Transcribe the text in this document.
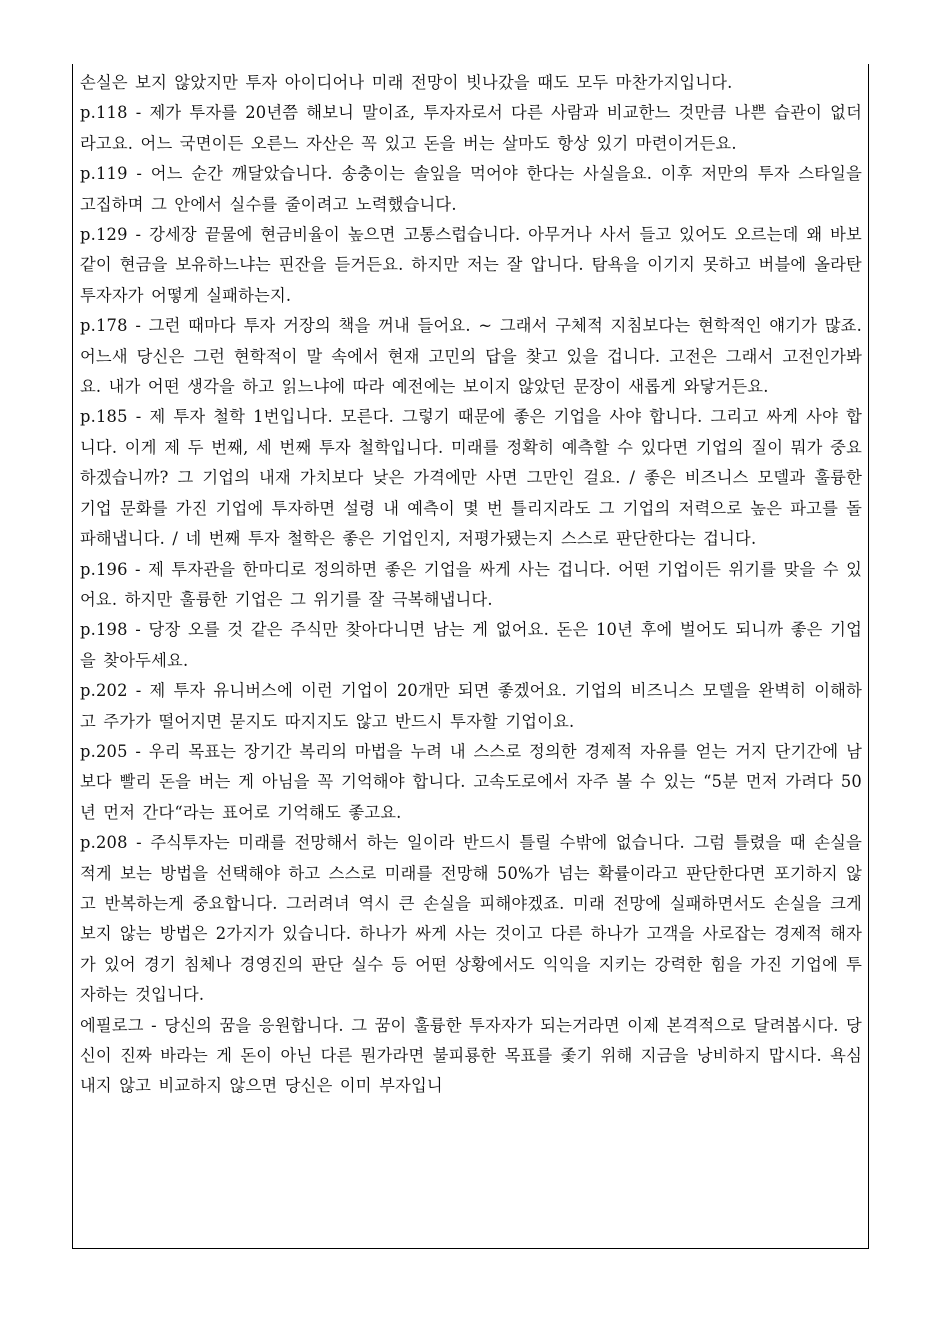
손실은 보지 않았지만 투자 아이디어나 미래 전망이 빗나갔을 때도 모두 마찬가지입니다.

p.118 - 제가 투자를 20년쯤 해보니 말이죠, 투자자로서 다른 사람과 비교한느 것만큼 나쁜 습관이 없더라고요. 어느 국면이든 오른느 자산은 꼭 있고 돈을 버는 살마도 항상 있기 마련이거든요.

p.119 - 어느 순간 깨달았습니다. 송충이는 솔잎을 먹어야 한다는 사실을요. 이후 저만의 투자 스타일을 고집하며 그 안에서 실수를 줄이려고 노력했습니다.

p.129 - 강세장 끝물에 현금비율이 높으면 고통스럽습니다. 아무거나 사서 들고 있어도 오르는데 왜 바보같이 현금을 보유하느냐는 핀잔을 듣거든요. 하지만 저는 잘 압니다. 탐욕을 이기지 못하고 버블에 올라탄 투자자가 어떻게 실패하는지.

p.178 - 그런 때마다 투자 거장의 책을 꺼내 들어요. ~ 그래서 구체적 지침보다는 현학적인 얘기가 많죠. 어느새 당신은 그런 현학적이 말 속에서 현재 고민의 답을 찾고 있을 겁니다. 고전은 그래서 고전인가봐요. 내가 어떤 생각을 하고 읽느냐에 따라 예전에는 보이지 않았던 문장이 새롭게 와닿거든요.

p.185 - 제 투자 철학 1번입니다. 모른다. 그렇기 때문에 좋은 기업을 사야 합니다. 그리고 싸게 사야 합니다. 이게 제 두 번째, 세 번째 투자 철학입니다. 미래를 정확히 예측할 수 있다면 기업의 질이 뭐가 중요하겠습니까? 그 기업의 내재 가치보다 낮은 가격에만 사면 그만인 걸요. / 좋은 비즈니스 모델과 훌륭한 기업 문화를 가진 기업에 투자하면 설령 내 예측이 몇 번 틀리지라도 그 기업의 저력으로 높은 파고를 돌파해냅니다. / 네 번째 투자 철학은 좋은 기업인지, 저평가됐는지 스스로 판단한다는 겁니다.

p.196 - 제 투자관을 한마디로 정의하면 좋은 기업을 싸게 사는 겁니다. 어떤 기업이든 위기를 맞을 수 있어요. 하지만 훌륭한 기업은 그 위기를 잘 극복해냅니다.

p.198 - 당장 오를 것 같은 주식만 찾아다니면 남는 게 없어요. 돈은 10년 후에 벌어도 되니까 좋은 기업을 찾아두세요.

p.202 - 제 투자 유니버스에 이런 기업이 20개만 되면 좋겠어요. 기업의 비즈니스 모델을 완벽히 이해하고 주가가 떨어지면 묻지도 따지지도 않고 반드시 투자할 기업이요.

p.205 - 우리 목표는 장기간 복리의 마법을 누려 내 스스로 정의한 경제적 자유를 얻는 거지 단기간에 남보다 빨리 돈을 버는 게 아님을 꼭 기억해야 합니다. 고속도로에서 자주 볼 수 있는 “5분 먼저 가려다 50년 먼저 간다“라는 표어로 기억해도 좋고요.

p.208 - 주식투자는 미래를 전망해서 하는 일이라 반드시 틀릴 수밖에 없습니다. 그럼 틀렸을 때 손실을 적게 보는 방법을 선택해야 하고 스스로 미래를 전망해 50%가 넘는 확률이라고 판단한다면 포기하지 않고 반복하는게 중요합니다. 그러려녀 역시 큰 손실을 피해야겠죠. 미래 전망에 실패하면서도 손실을 크게 보지 않는 방법은 2가지가 있습니다. 하나가 싸게 사는 것이고 다른 하나가 고객을 사로잡는 경제적 해자가 있어 경기 침체나 경영진의 판단 실수 등 어떤 상황에서도 익익을 지키는 강력한 힘을 가진 기업에 투자하는 것입니다.

에필로그 - 당신의 꿈을 응원합니다. 그 꿈이 훌륭한 투자자가 되는거라면 이제 본격적으로 달려봅시다. 당신이 진짜 바라는 게 돈이 아닌 다른 뭔가라면 불피룡한 목표를 좇기 위해 지금을 낭비하지 맙시다. 욕심내지 않고 비교하지 않으면 당신은 이미 부자입니
